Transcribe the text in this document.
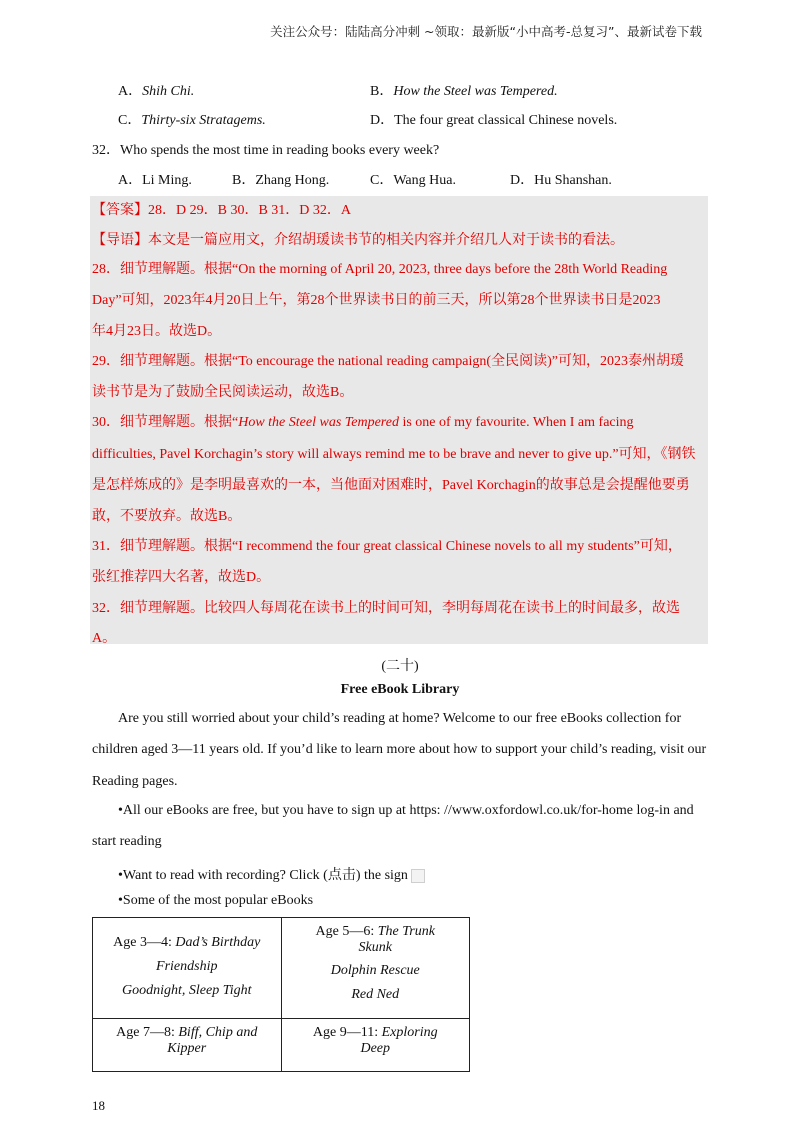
关注公众号：陆陆高分冲刺 ~领取：最新版“小中高考-总复习”、最新试卷下载
A．Shih Chi.	B．How the Steel was Tempered.
C．Thirty-six Stratagems.	D．The four great classical Chinese novels.
32．Who spends the most time in reading books every week?
A．Li Ming.	B．Zhang Hong.	C．Wang Hua.	D．Hu Shanshan.
【答案】28．D 29．B 30．B 31．D 32．A
【导语】本文是一篇应用文，介绍胡瑗读书节的相关内容并介绍几人对于读书的看法。
28．细节理解题。根据“On the morning of April 20, 2023, three days before the 28th World Reading
Day”可知，2023年4月20日上午，第28个世界读书日的前三天，所以第28个世界读书日是2023
年4月23日。故选D。
29．细节理解题。根据“To encourage the national reading campaign(全民阅读)”可知，2023泰州胡瑗
读书节是为了鼓励全民阅读运动，故选B。
30．细节理解题。根据“How the Steel was Tempered is one of my favourite. When I am facing
difficulties, Pavel Korchagin’s story will always remind me to be brave and never to give up.”可知，《钢铁
是怎样炼成的》是李明最喜欢的一本，当他面对困难时，Pavel Korchagin的故事总是会提醒他要勇
敢，不要放弃。故选B。
31．细节理解题。根据“I recommend the four great classical Chinese novels to all my students”可知，
张红推荐四大名著，故选D。
32．细节理解题。比较四人每周花在读书上的时间可知，李明每周花在读书上的时间最多，故选
A。
(二十)
Free eBook Library
Are you still worried about your child’s reading at home? Welcome to our free eBooks collection for
children aged 3—11 years old. If you’d like to learn more about how to support your child’s reading, visit our
Reading pages.
•All our eBooks are free, but you have to sign up at https: //www.oxfordowl.co.uk/for-home log-in and
start reading
•Want to read with recording? Click (点击) the sign
•Some of the most popular eBooks
Age 3—4: Dad’s Birthday
Friendship
Goodnight, Sleep Tight	Age 5—6: The Trunk
Skunk
Dolphin Rescue
Red Ned

Age 7—8: Biff, Chip and
Kipper	Age 9—11: Exploring
Deep
18
